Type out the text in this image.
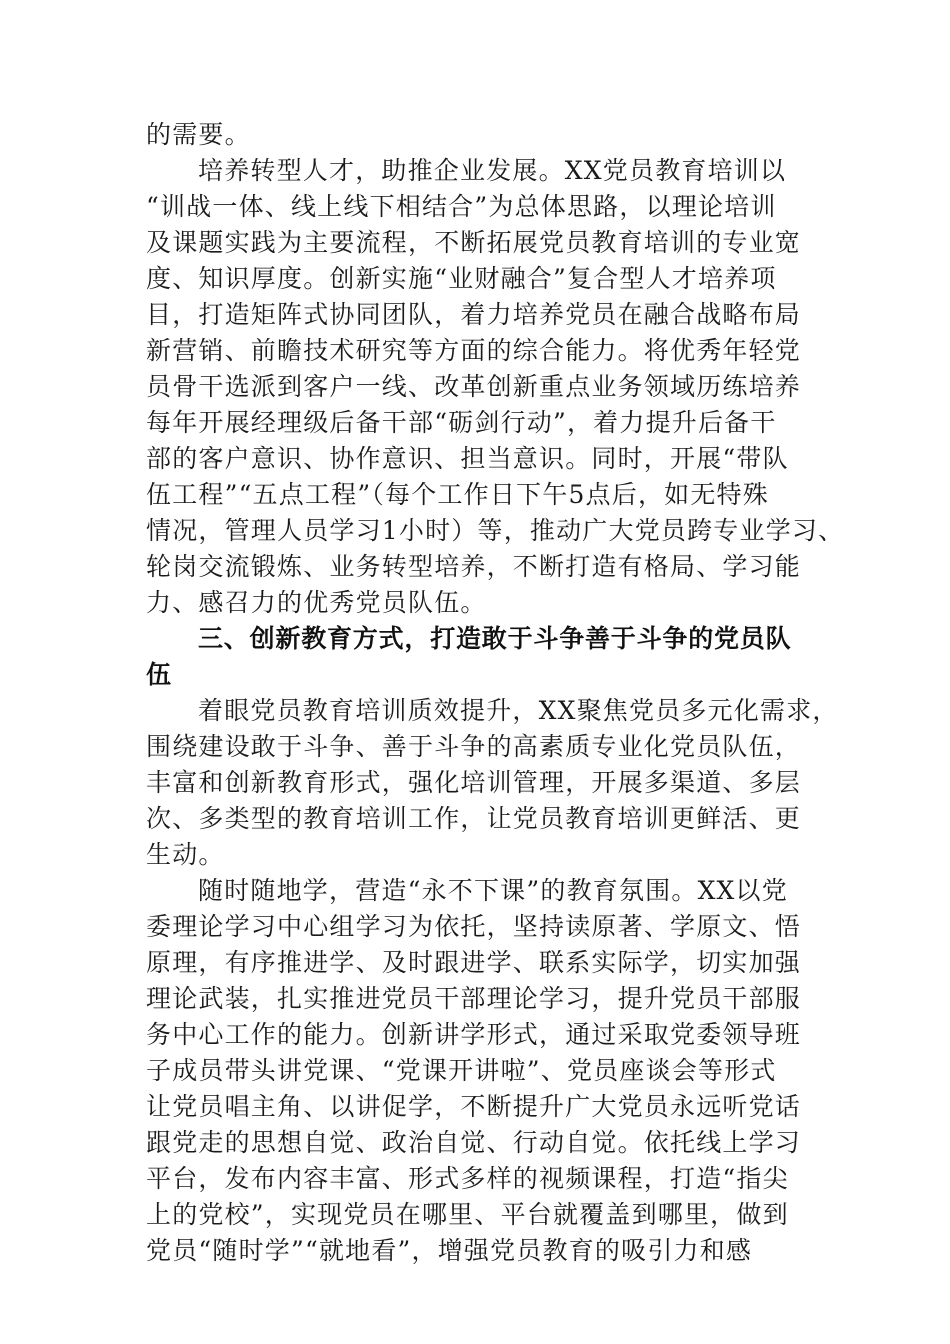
的需要。
培养转型人才，助推企业发展。XX党员教育培训以
“训战一体、线上线下相结合”为总体思路，以理论培训
及课题实践为主要流程，不断拓展党员教育培训的专业宽
度、知识厚度。创新实施“业财融合”复合型人才培养项
目，打造矩阵式协同团队，着力培养党员在融合战略布局
新营销、前瞻技术研究等方面的综合能力。将优秀年轻党
员骨干选派到客户一线、改革创新重点业务领域历练培养
每年开展经理级后备干部“砺剑行动”，着力提升后备干
部的客户意识、协作意识、担当意识。同时，开展“带队
伍工程”“五点工程”（每个工作日下午5点后，如无特殊
情况，管理人员学习1小时）等，推动广大党员跨专业学习、
轮岗交流锻炼、业务转型培养，不断打造有格局、学习能
力、感召力的优秀党员队伍。
三、创新教育方式，打造敢于斗争善于斗争的党员队
伍
着眼党员教育培训质效提升，XX聚焦党员多元化需求，
围绕建设敢于斗争、善于斗争的高素质专业化党员队伍，
丰富和创新教育形式，强化培训管理，开展多渠道、多层
次、多类型的教育培训工作，让党员教育培训更鲜活、更
生动。
随时随地学，营造“永不下课”的教育氛围。XX以党
委理论学习中心组学习为依托，坚持读原著、学原文、悟
原理，有序推进学、及时跟进学、联系实际学，切实加强
理论武装，扎实推进党员干部理论学习，提升党员干部服
务中心工作的能力。创新讲学形式，通过采取党委领导班
子成员带头讲党课、“党课开讲啦”、党员座谈会等形式
让党员唱主角、以讲促学，不断提升广大党员永远听党话
跟党走的思想自觉、政治自觉、行动自觉。依托线上学习
平台，发布内容丰富、形式多样的视频课程，打造“指尖
上的党校”，实现党员在哪里、平台就覆盖到哪里，做到
党员“随时学”“就地看”，增强党员教育的吸引力和感
